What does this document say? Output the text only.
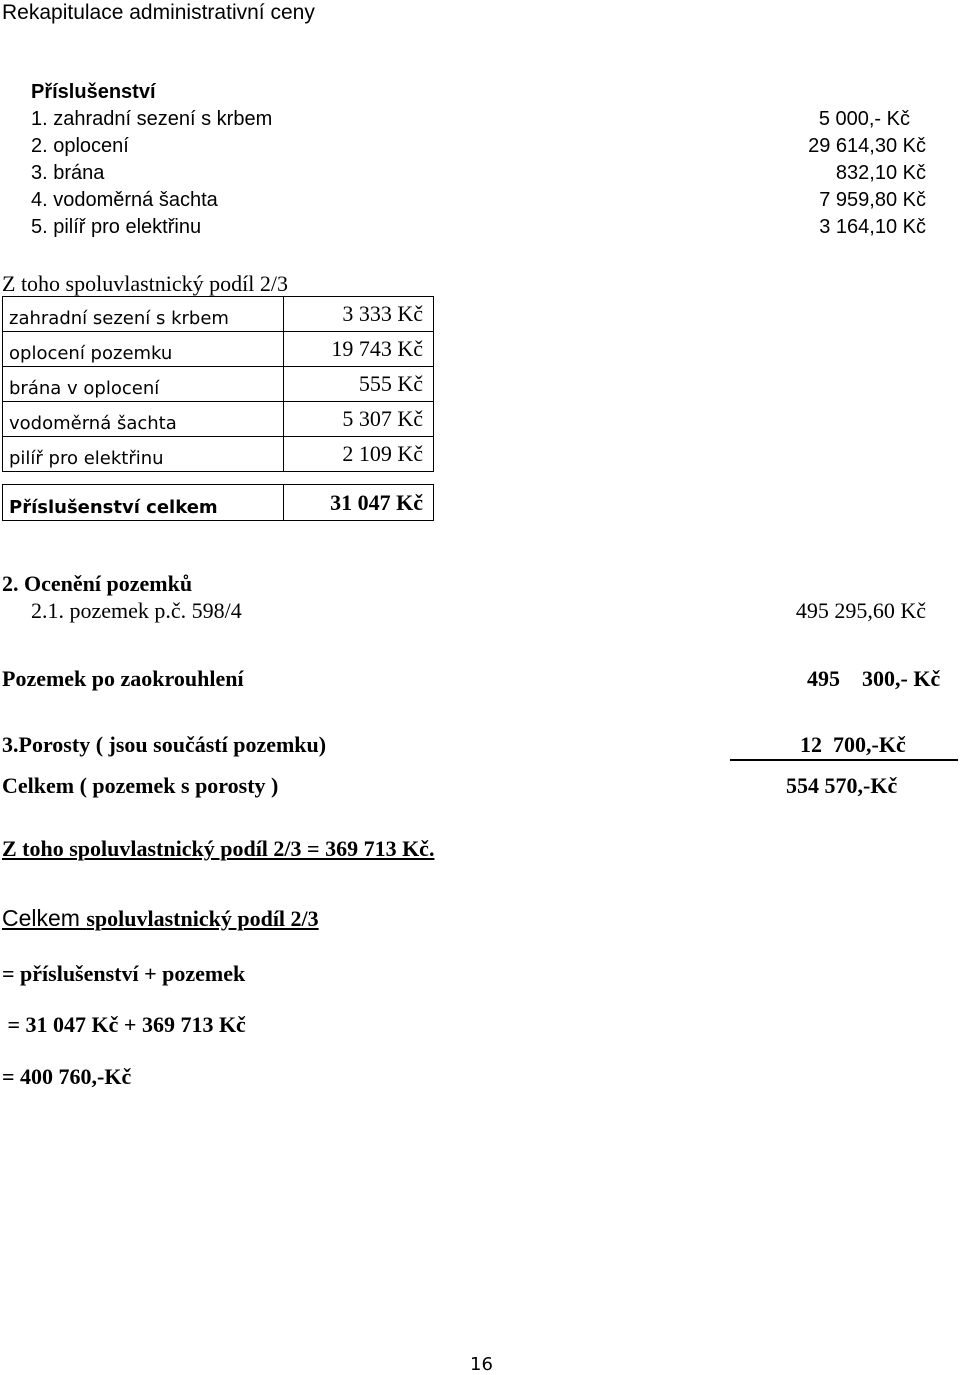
Rekapitulace administrativní ceny
Příslušenství
1. zahradní sezení s krbem	5 000,- Kč
2. oplocení	29 614,30 Kč
3. brána	832,10 Kč
4. vodoměrná šachta	7 959,80 Kč
5. pilíř pro elektřinu	3 164,10 Kč
Z toho spoluvlastnický podíl 2/3
zahradní sezení s krbem	3 333 Kč
oplocení pozemku	19 743 Kč
brána v oplocení	555 Kč
vodoměrná šachta	5 307 Kč
pilíř pro elektřinu	2 109 Kč
Příslušenství celkem	31 047 Kč
2. Ocenění pozemků
2.1. pozemek p.č. 598/4	495 295,60 Kč
Pozemek po zaokrouhlení	495    300,- Kč
3.Porosty ( jsou součástí pozemku)	12  700,-Kč
Celkem ( pozemek s porosty )	554 570,-Kč
Z toho spoluvlastnický podíl 2/3 = 369 713 Kč.
Celkem spoluvlastnický podíl 2/3
= příslušenství + pozemek
= 31 047 Kč + 369 713 Kč
= 400 760,-Kč
16
